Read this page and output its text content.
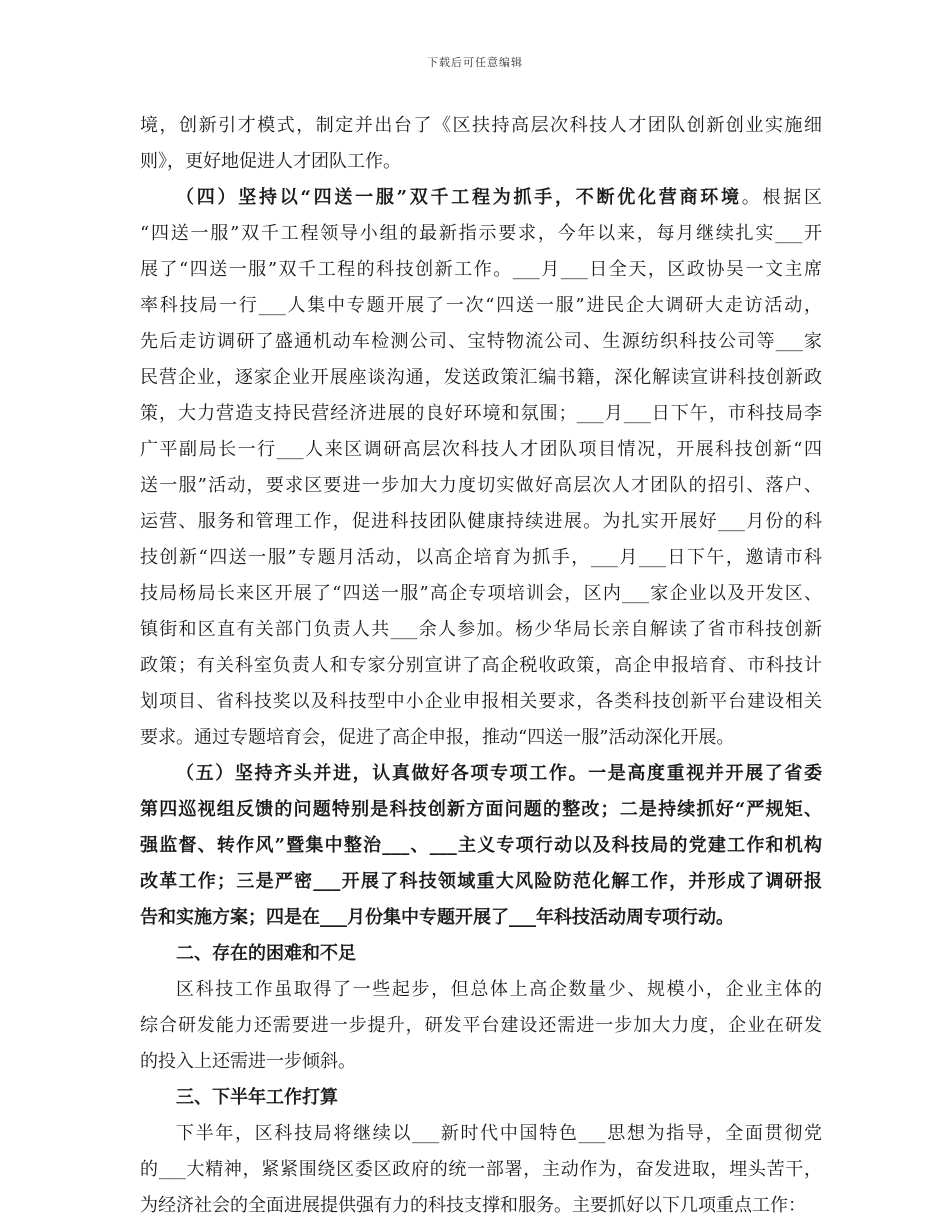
下载后可任意编辑
境，创新引才模式，制定并出台了《区扶持高层次科技人才团队创新创业实施细
则》，更好地促进人才团队工作。
（四）坚持以“四送一服”双千工程为抓手，不断优化营商环境。根据区
“四送一服”双千工程领导小组的最新指示要求，今年以来，每月继续扎实___开
展了“四送一服”双千工程的科技创新工作。___月___日全天，区政协吴一文主席
率科技局一行___人集中专题开展了一次“四送一服”进民企大调研大走访活动，
先后走访调研了盛通机动车检测公司、宝特物流公司、生源纺织科技公司等___家
民营企业，逐家企业开展座谈沟通，发送政策汇编书籍，深化解读宣讲科技创新政
策，大力营造支持民营经济进展的良好环境和氛围；___月___日下午，市科技局李
广平副局长一行___人来区调研高层次科技人才团队项目情况，开展科技创新“四
送一服”活动，要求区要进一步加大力度切实做好高层次人才团队的招引、落户、
运营、服务和管理工作，促进科技团队健康持续进展。为扎实开展好___月份的科
技创新“四送一服”专题月活动，以高企培育为抓手，___月___日下午，邀请市科
技局杨局长来区开展了“四送一服”高企专项培训会，区内___家企业以及开发区、
镇街和区直有关部门负责人共___余人参加。杨少华局长亲自解读了省市科技创新
政策；有关科室负责人和专家分别宣讲了高企税收政策，高企申报培育、市科技计
划项目、省科技奖以及科技型中小企业申报相关要求，各类科技创新平台建设相关
要求。通过专题培育会，促进了高企申报，推动“四送一服”活动深化开展。
（五）坚持齐头并进，认真做好各项专项工作。一是高度重视并开展了省委
第四巡视组反馈的问题特别是科技创新方面问题的整改；二是持续抓好“严规矩、
强监督、转作风”暨集中整治___、___主义专项行动以及科技局的党建工作和机构
改革工作；三是严密___开展了科技领域重大风险防范化解工作，并形成了调研报
告和实施方案；四是在___月份集中专题开展了___年科技活动周专项行动。
二、存在的困难和不足
区科技工作虽取得了一些起步，但总体上高企数量少、规模小，企业主体的
综合研发能力还需要进一步提升，研发平台建设还需进一步加大力度，企业在研发
的投入上还需进一步倾斜。
三、下半年工作打算
下半年，区科技局将继续以___新时代中国特色___思想为指导，全面贯彻党
的___大精神，紧紧围绕区委区政府的统一部署，主动作为，奋发进取，埋头苦干，
为经济社会的全面进展提供强有力的科技支撑和服务。主要抓好以下几项重点工作：
